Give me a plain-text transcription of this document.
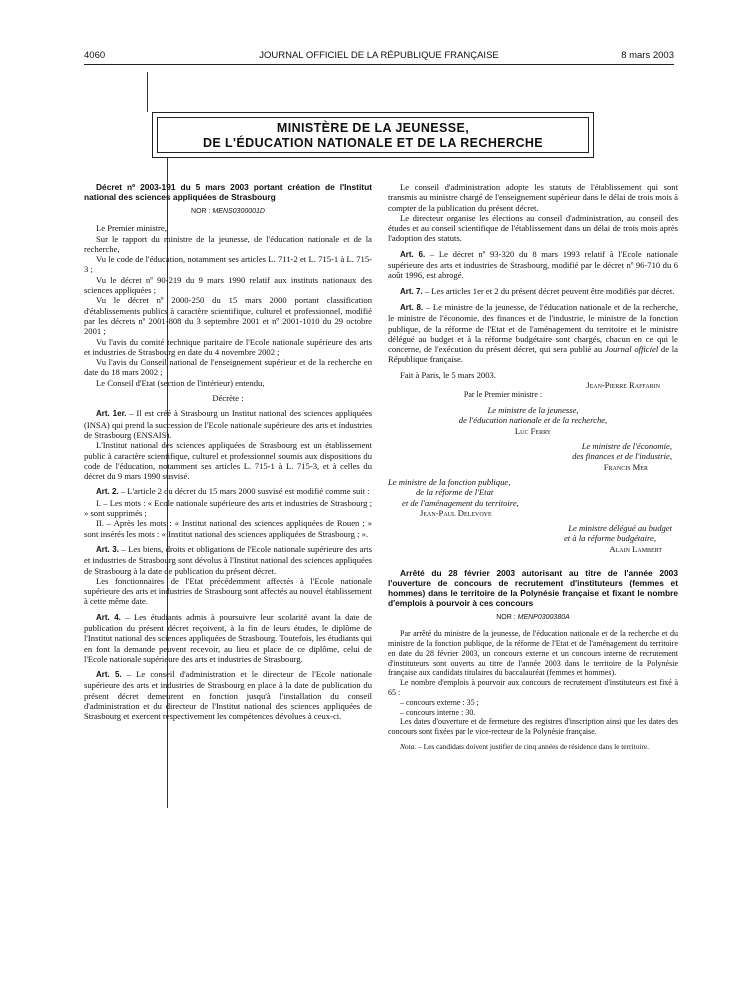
4060	JOURNAL OFFICIEL DE LA RÉPUBLIQUE FRANÇAISE	8 mars 2003
MINISTÈRE DE LA JEUNESSE,
DE L'ÉDUCATION NATIONALE ET DE LA RECHERCHE

Décret nº 2003-191 du 5 mars 2003 portant création de l'Institut national des sciences appliquées de Strasbourg

NOR : MENS0300001D

Le Premier ministre,

Sur le rapport du ministre de la jeunesse, de l'éducation nationale et de la recherche,

Vu le code de l'éducation, notamment ses articles L. 711-2 et L. 715-1 à L. 715-3 ;

Vu le décret nº 90-219 du 9 mars 1990 relatif aux instituts nationaux des sciences appliquées ;

Vu le décret nº 2000-250 du 15 mars 2000 portant classification d'établissements publics à caractère scientifique, culturel et professionnel, modifié par les décrets nº 2001-808 du 3 septembre 2001 et nº 2001-1010 du 29 octobre 2001 ;

Vu l'avis du comité technique paritaire de l'Ecole nationale supérieure des arts et industries de Strasbourg en date du 4 novembre 2002 ;

Vu l'avis du Conseil national de l'enseignement supérieur et de la recherche en date du 18 mars 2002 ;

Le Conseil d'Etat (section de l'intérieur) entendu,

Décrète :

Art. 1er. – Il est créé à Strasbourg un Institut national des sciences appliquées (INSA) qui prend la succession de l'Ecole nationale supérieure des arts et industries de Strasbourg (ENSAIS).

L'Institut national des sciences appliquées de Strasbourg est un établissement public à caractère scientifique, culturel et professionnel soumis aux dispositions du code de l'éducation, notamment ses articles L. 715-1 à L. 715-3, et à celles du décret du 9 mars 1990 susvisé.

Art. 2. – L'article 2 du décret du 15 mars 2000 susvisé est modifié comme suit :

I. – Les mots : « Ecole nationale supérieure des arts et industries de Strasbourg ; » sont supprimés ;

II. – Après les mots : « Institut national des sciences appliquées de Rouen ; » sont insérés les mots : « Institut national des sciences appliquées de Strasbourg ; ».

Art. 3. – Les biens, droits et obligations de l'Ecole nationale supérieure des arts et industries de Strasbourg sont dévolus à l'Institut national des sciences appliquées de Strasbourg à la date de publication du présent décret.

Les fonctionnaires de l'Etat précédemment affectés à l'Ecole nationale supérieure des arts et industries de Strasbourg sont affectés au nouvel établissement à cette même date.

Art. 4. – Les étudiants admis à poursuivre leur scolarité avant la date de publication du présent décret reçoivent, à la fin de leurs études, le diplôme de l'Institut national des sciences appliquées de Strasbourg. Toutefois, les étudiants qui en font la demande peuvent recevoir, au lieu et place de ce diplôme, celui de l'Ecole nationale supérieure des arts et industries de Strasbourg.

Art. 5. – Le conseil d'administration et le directeur de l'Ecole nationale supérieure des arts et industries de Strasbourg en place à la date de publication du présent décret demeurent en fonction jusqu'à l'installation du conseil d'administration et du directeur de l'Institut national des sciences appliquées de Strasbourg et exercent respectivement les compétences dévolues à ceux-ci.

Le conseil d'administration adopte les statuts de l'établissement qui sont transmis au ministre chargé de l'enseignement supérieur dans le délai de trois mois à compter de la publication du présent décret.

Le directeur organise les élections au conseil d'administration, au conseil des études et au conseil scientifique de l'établissement dans un délai de trois mois après l'adoption des statuts.

Art. 6. – Le décret nº 93-320 du 8 mars 1993 relatif à l'Ecole nationale supérieure des arts et industries de Strasbourg, modifié par le décret nº 96-710 du 6 août 1996, est abrogé.

Art. 7. – Les articles 1er et 2 du présent décret peuvent être modifiés par décret.

Art. 8. – Le ministre de la jeunesse, de l'éducation nationale et de la recherche, le ministre de l'économie, des finances et de l'industrie, le ministre de la fonction publique, de la réforme de l'Etat et de l'aménagement du territoire et le ministre délégué au budget et à la réforme budgétaire sont chargés, chacun en ce qui le concerne, de l'exécution du présent décret, qui sera publié au Journal officiel de la République française.

Fait à Paris, le 5 mars 2003.

Jean-Pierre Raffarin

Par le Premier ministre :

Le ministre de la jeunesse,

de l'éducation nationale et de la recherche,

Luc Ferry

Le ministre de l'économie,

des finances et de l'industrie,

Francis Mer

Le ministre de la fonction publique,

de la réforme de l'Etat

et de l'aménagement du territoire,

Jean-Paul Delevoye

Le ministre délégué au budget

et à la réforme budgétaire,

Alain Lambert

Arrêté du 28 février 2003 autorisant au titre de l'année 2003 l'ouverture de concours de recrutement d'instituteurs (femmes et hommes) dans le territoire de la Polynésie française et fixant le nombre d'emplois à pourvoir à ces concours

NOR : MENP0300380A

Par arrêté du ministre de la jeunesse, de l'éducation nationale et de la recherche et du ministre de la fonction publique, de la réforme de l'Etat et de l'aménagement du territoire en date du 28 février 2003, un concours externe et un concours interne de recrutement d'instituteurs sont ouverts au titre de l'année 2003 dans le territoire de la Polynésie française aux candidats titulaires du baccalauréat (femmes et hommes).

Le nombre d'emplois à pourvoir aux concours de recrutement d'instituteurs est fixé à 65 :

– concours externe : 35 ;

– concours interne : 30.

Les dates d'ouverture et de fermeture des registres d'inscription ainsi que les dates des concours sont fixées par le vice-recteur de la Polynésie française.

Nota. – Les candidats doivent justifier de cinq années de résidence dans le territoire.
